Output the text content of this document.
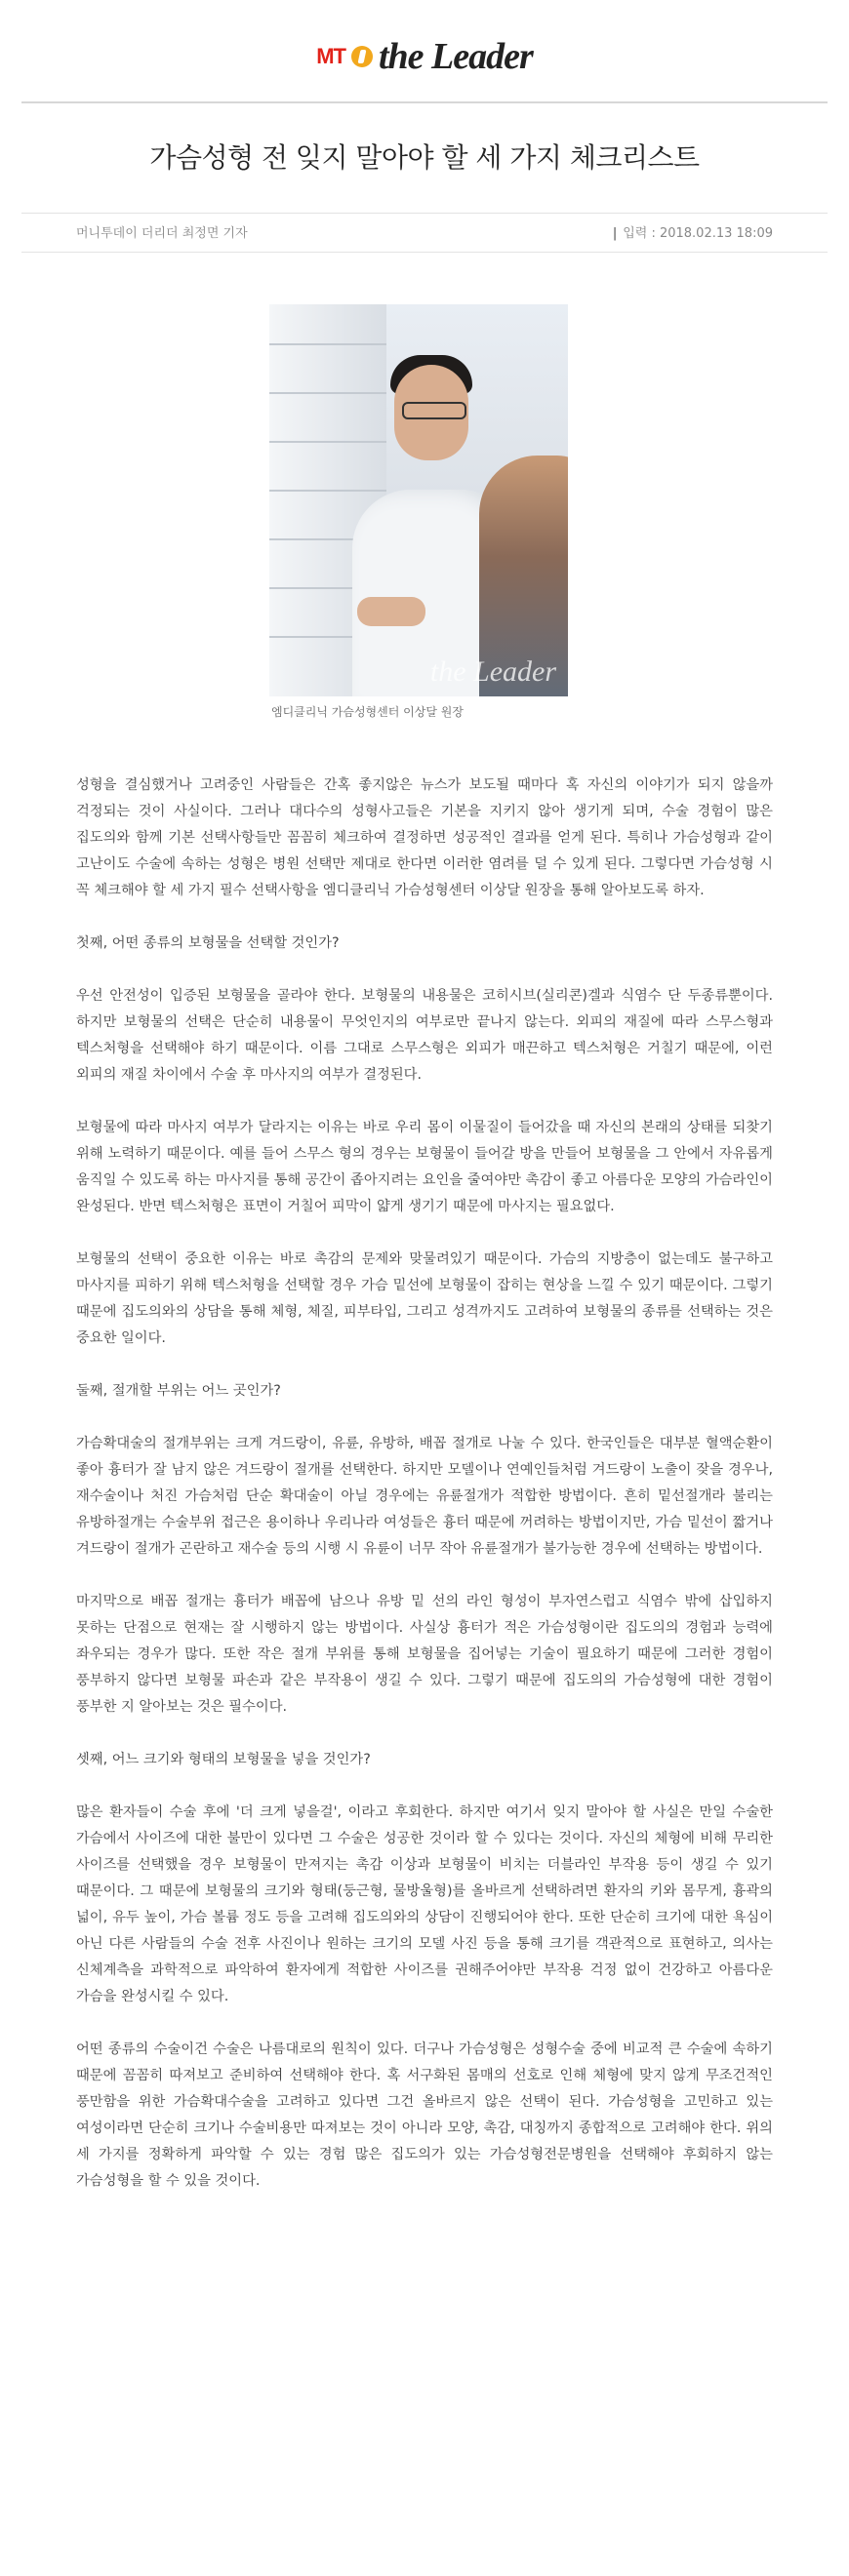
MT the Leader
가슴성형 전 잊지 말아야 할 세 가지 체크리스트
머니투데이 더리더 최정면 기자	| 입력 : 2018.02.13 18:09
the Leader
엠디클리닉 가슴성형센터 이상달 원장

성형을 결심했거나 고려중인 사람들은 간혹 좋지않은 뉴스가 보도될 때마다 혹 자신의 이야기가 되지 않을까 걱정되는 것이 사실이다. 그러나 대다수의 성형사고들은 기본을 지키지 않아 생기게 되며, 수술 경험이 많은 집도의와 함께 기본 선택사항들만 꼼꼼히 체크하여 결정하면 성공적인 결과를 얻게 된다. 특히나 가슴성형과 같이 고난이도 수술에 속하는 성형은 병원 선택만 제대로 한다면 이러한 염려를 덜 수 있게 된다. 그렇다면 가슴성형 시 꼭 체크해야 할 세 가지 필수 선택사항을 엠디클리닉 가슴성형센터 이상달 원장을 통해 알아보도록 하자.

첫째, 어떤 종류의 보형물을 선택할 것인가?

우선 안전성이 입증된 보형물을 골라야 한다. 보형물의 내용물은 코히시브(실리콘)겔과 식염수 단 두종류뿐이다. 하지만 보형물의 선택은 단순히 내용물이 무엇인지의 여부로만 끝나지 않는다. 외피의 재질에 따라 스무스형과 텍스처형을 선택해야 하기 때문이다. 이름 그대로 스무스형은 외피가 매끈하고 텍스처형은 거칠기 때문에, 이런 외피의 재질 차이에서 수술 후 마사지의 여부가 결정된다.

보형물에 따라 마사지 여부가 달라지는 이유는 바로 우리 몸이 이물질이 들어갔을 때 자신의 본래의 상태를 되찾기 위해 노력하기 때문이다. 예를 들어 스무스 형의 경우는 보형물이 들어갈 방을 만들어 보형물을 그 안에서 자유롭게 움직일 수 있도록 하는 마사지를 통해 공간이 좁아지려는 요인을 줄여야만 촉감이 좋고 아름다운 모양의 가슴라인이 완성된다. 반면 텍스처형은 표면이 거칠어 피막이 얇게 생기기 때문에 마사지는 필요없다.

보형물의 선택이 중요한 이유는 바로 촉감의 문제와 맞물려있기 때문이다. 가슴의 지방층이 없는데도 불구하고 마사지를 피하기 위해 텍스처형을 선택할 경우 가슴 밑선에 보형물이 잡히는 현상을 느낄 수 있기 때문이다. 그렇기 때문에 집도의와의 상담을 통해 체형, 체질, 피부타입, 그리고 성격까지도 고려하여 보형물의 종류를 선택하는 것은 중요한 일이다.

둘째, 절개할 부위는 어느 곳인가?

가슴확대술의 절개부위는 크게 겨드랑이, 유륜, 유방하, 배꼽 절개로 나눌 수 있다. 한국인들은 대부분 혈액순환이 좋아 흉터가 잘 남지 않은 겨드랑이 절개를 선택한다. 하지만 모델이나 연예인들처럼 겨드랑이 노출이 잦을 경우나, 재수술이나 처진 가슴처럼 단순 확대술이 아닐 경우에는 유륜절개가 적합한 방법이다. 흔히 밑선절개라 불리는 유방하절개는 수술부위 접근은 용이하나 우리나라 여성들은 흉터 때문에 꺼려하는 방법이지만, 가슴 밑선이 짧거나 겨드랑이 절개가 곤란하고 재수술 등의 시행 시 유륜이 너무 작아 유륜절개가 불가능한 경우에 선택하는 방법이다.

마지막으로 배꼽 절개는 흉터가 배꼽에 남으나 유방 밑 선의 라인 형성이 부자연스럽고 식염수 밖에 삽입하지 못하는 단점으로 현재는 잘 시행하지 않는 방법이다. 사실상 흉터가 적은 가슴성형이란 집도의의 경험과 능력에 좌우되는 경우가 많다. 또한 작은 절개 부위를 통해 보형물을 집어넣는 기술이 필요하기 때문에 그러한 경험이 풍부하지 않다면 보형물 파손과 같은 부작용이 생길 수 있다. 그렇기 때문에 집도의의 가슴성형에 대한 경험이 풍부한 지 알아보는 것은 필수이다.

셋째, 어느 크기와 형태의 보형물을 넣을 것인가?

많은 환자들이 수술 후에 '더 크게 넣을걸', 이라고 후회한다. 하지만 여기서 잊지 말아야 할 사실은 만일 수술한 가슴에서 사이즈에 대한 불만이 있다면 그 수술은 성공한 것이라 할 수 있다는 것이다. 자신의 체형에 비해 무리한 사이즈를 선택했을 경우 보형물이 만져지는 촉감 이상과 보형물이 비치는 더블라인 부작용 등이 생길 수 있기 때문이다. 그 때문에 보형물의 크기와 형태(둥근형, 물방울형)를 올바르게 선택하려면 환자의 키와 몸무게, 흉곽의 넓이, 유두 높이, 가슴 볼륨 정도 등을 고려해 집도의와의 상담이 진행되어야 한다. 또한 단순히 크기에 대한 욕심이 아닌 다른 사람들의 수술 전후 사진이나 원하는 크기의 모델 사진 등을 통해 크기를 객관적으로 표현하고, 의사는 신체계측을 과학적으로 파악하여 환자에게 적합한 사이즈를 권해주어야만 부작용 걱정 없이 건강하고 아름다운 가슴을 완성시킬 수 있다.

어떤 종류의 수술이건 수술은 나름대로의 원칙이 있다. 더구나 가슴성형은 성형수술 중에 비교적 큰 수술에 속하기 때문에 꼼꼼히 따져보고 준비하여 선택해야 한다. 혹 서구화된 몸매의 선호로 인해 체형에 맞지 않게 무조건적인 풍만함을 위한 가슴확대수술을 고려하고 있다면 그건 올바르지 않은 선택이 된다. 가슴성형을 고민하고 있는 여성이라면 단순히 크기나 수술비용만 따져보는 것이 아니라 모양, 촉감, 대칭까지 종합적으로 고려해야 한다. 위의 세 가지를 정확하게 파악할 수 있는 경험 많은 집도의가 있는 가슴성형전문병원을 선택해야 후회하지 않는 가슴성형을 할 수 있을 것이다.
